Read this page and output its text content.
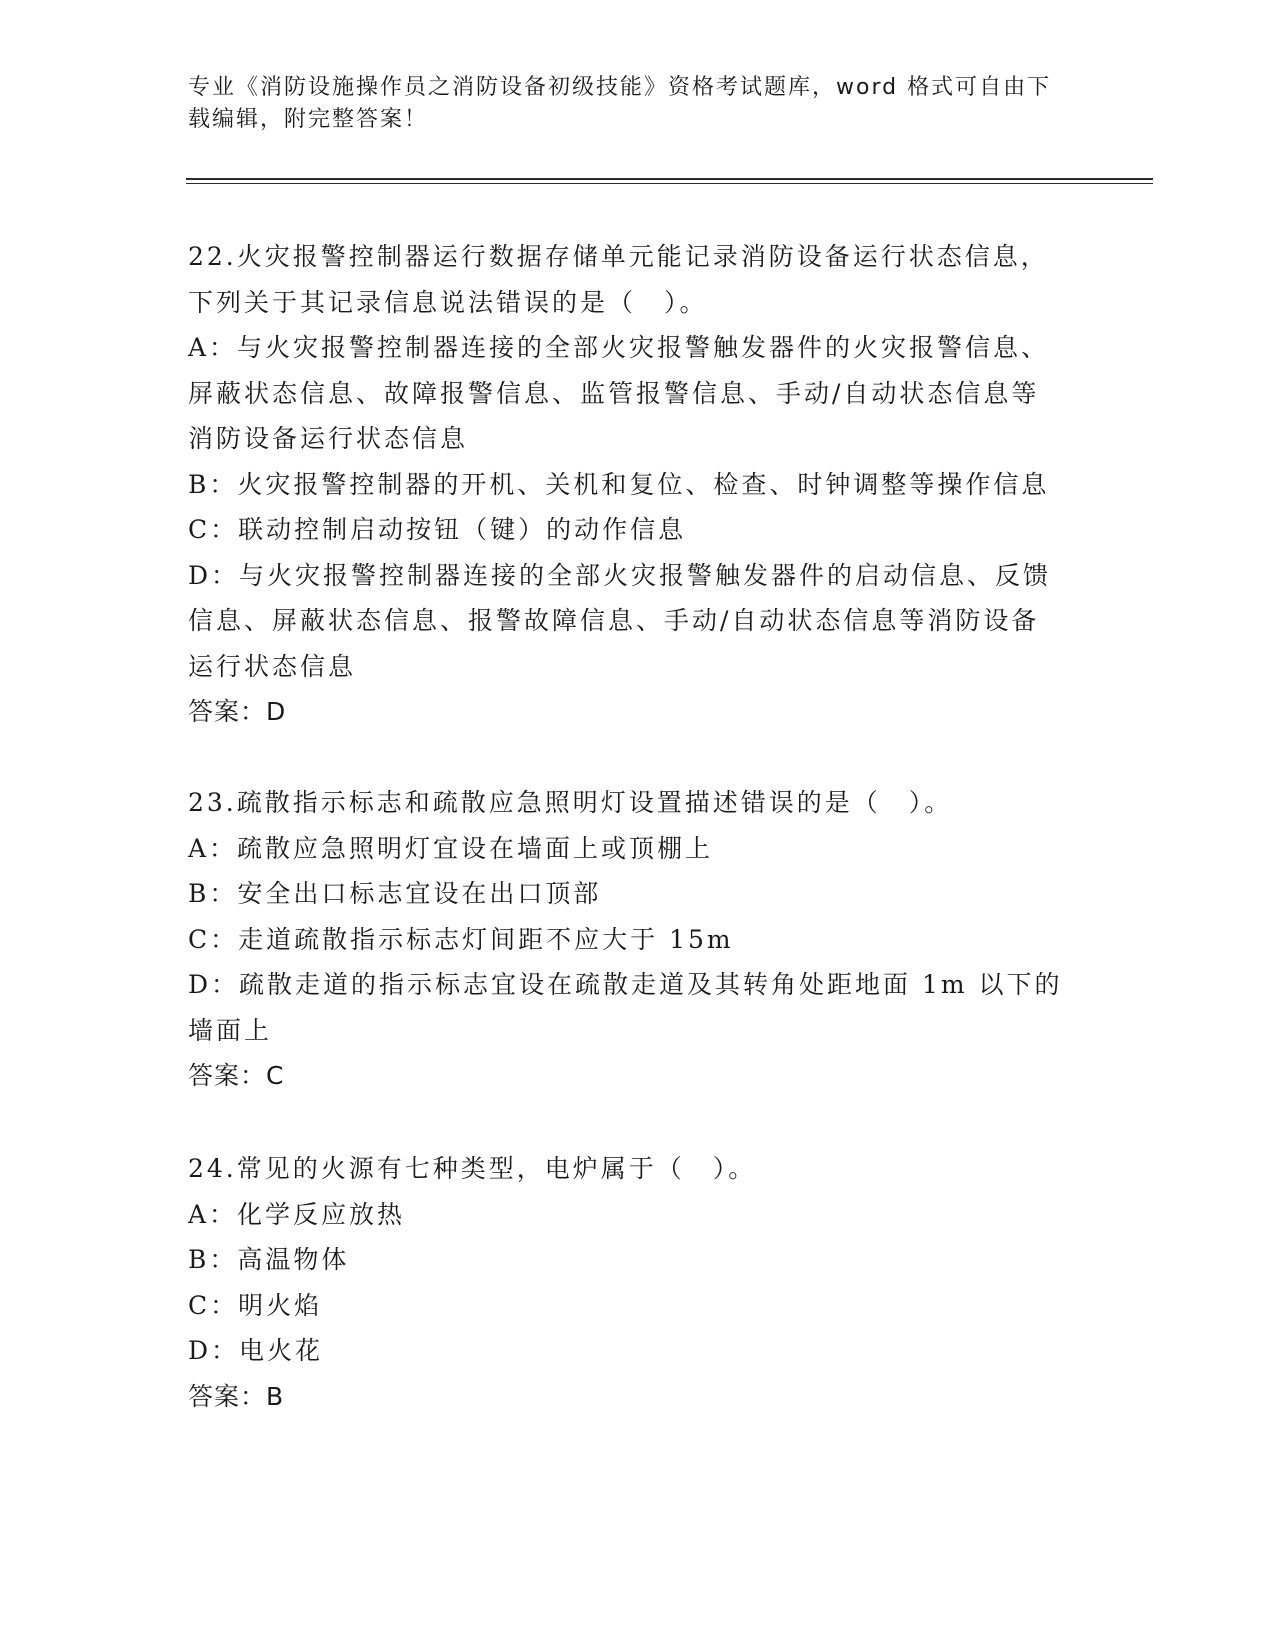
专业《消防设施操作员之消防设备初级技能》资格考试题库，word 格式可自由下
载编辑，附完整答案！
22.火灾报警控制器运行数据存储单元能记录消防设备运行状态信息，
下列关于其记录信息说法错误的是（　）。
A：与火灾报警控制器连接的全部火灾报警触发器件的火灾报警信息、
屏蔽状态信息、故障报警信息、监管报警信息、手动/自动状态信息等
消防设备运行状态信息
B：火灾报警控制器的开机、关机和复位、检查、时钟调整等操作信息
C：联动控制启动按钮（键）的动作信息
D：与火灾报警控制器连接的全部火灾报警触发器件的启动信息、反馈
信息、屏蔽状态信息、报警故障信息、手动/自动状态信息等消防设备
运行状态信息
答案：D
23.疏散指示标志和疏散应急照明灯设置描述错误的是（　）。
A：疏散应急照明灯宜设在墙面上或顶棚上
B：安全出口标志宜设在出口顶部
C：走道疏散指示标志灯间距不应大于 15m
D：疏散走道的指示标志宜设在疏散走道及其转角处距地面 1m 以下的
墙面上
答案：C
24.常见的火源有七种类型，电炉属于（　）。
A：化学反应放热
B：高温物体
C：明火焰
D：电火花
答案：B
